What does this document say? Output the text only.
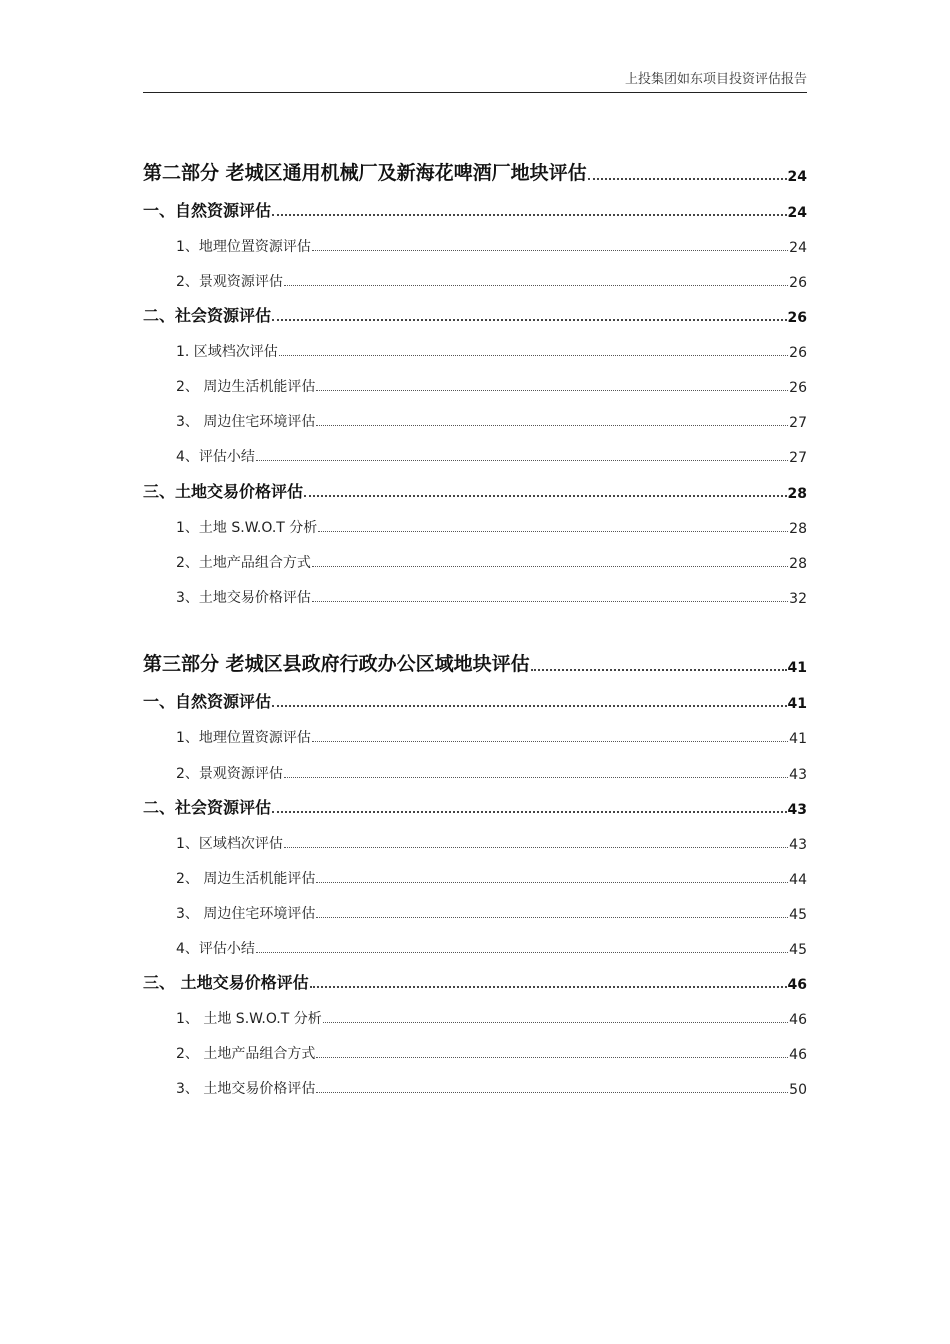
上投集团如东项目投资评估报告
第二部分 老城区通用机械厂及新海花啤酒厂地块评估	24
一、自然资源评估	24
1、地理位置资源评估	24
2、景观资源评估	26
二、社会资源评估	26
1. 区域档次评估	26
2、 周边生活机能评估	26
3、 周边住宅环境评估	27
4、评估小结	27
三、土地交易价格评估	28
1、土地 S.W.O.T 分析	28
2、土地产品组合方式	28
3、土地交易价格评估	32
第三部分 老城区县政府行政办公区域地块评估	41
一、自然资源评估	41
1、地理位置资源评估	41
2、景观资源评估	43
二、社会资源评估	43
1、区域档次评估	43
2、 周边生活机能评估	44
3、 周边住宅环境评估	45
4、评估小结	45
三、 土地交易价格评估	46
1、 土地 S.W.O.T 分析	46
2、 土地产品组合方式	46
3、 土地交易价格评估	50
